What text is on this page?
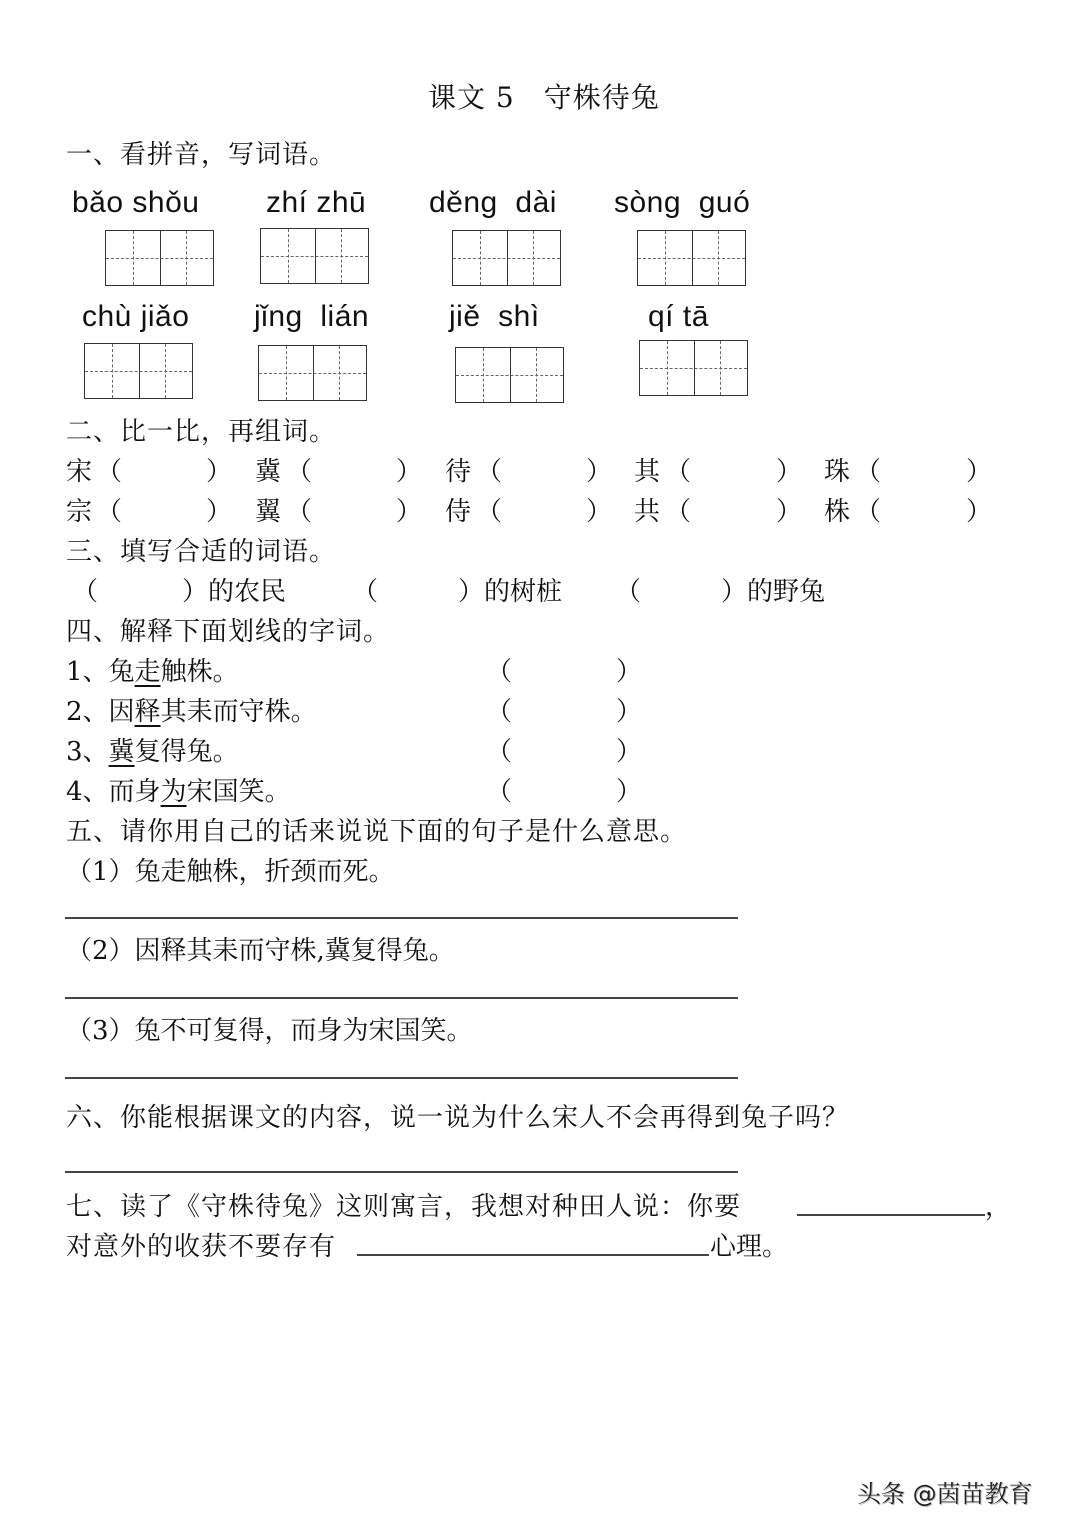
课文 5　守株待兔
一、看拼音，写词语。
bǎo shǒu zhí zhū děng  dài sòng  guó
chù jiǎo jǐng  lián	jiě  shì	qí tā
二、比一比，再组词。
宋 （	） 冀 （	） 待 （	） 其 （	） 珠 （	）
宗 （	） 翼 （	） 侍 （	） 共 （	） 株 （	）
三、填写合适的词语。
（	）的农民	（	）的树桩 （	）的野兔
四、解释下面划线的字词。
1、兔走触株。	（	）
2、因释其耒而守株。	（	）
3、冀复得兔。	（	）
4、而身为宋国笑。	（	）
五、请你用自己的话来说说下面的句子是什么意思。
（1）兔走触株，折颈而死。
（2）因释其耒而守株,冀复得兔。
（3）兔不可复得，而身为宋国笑。
六、你能根据课文的内容，说一说为什么宋人不会再得到兔子吗？
七、读了《守株待兔》这则寓言，我想对种田人说：你要	，
对意外的收获不要存有	心理。
头条 @茵苗教育
